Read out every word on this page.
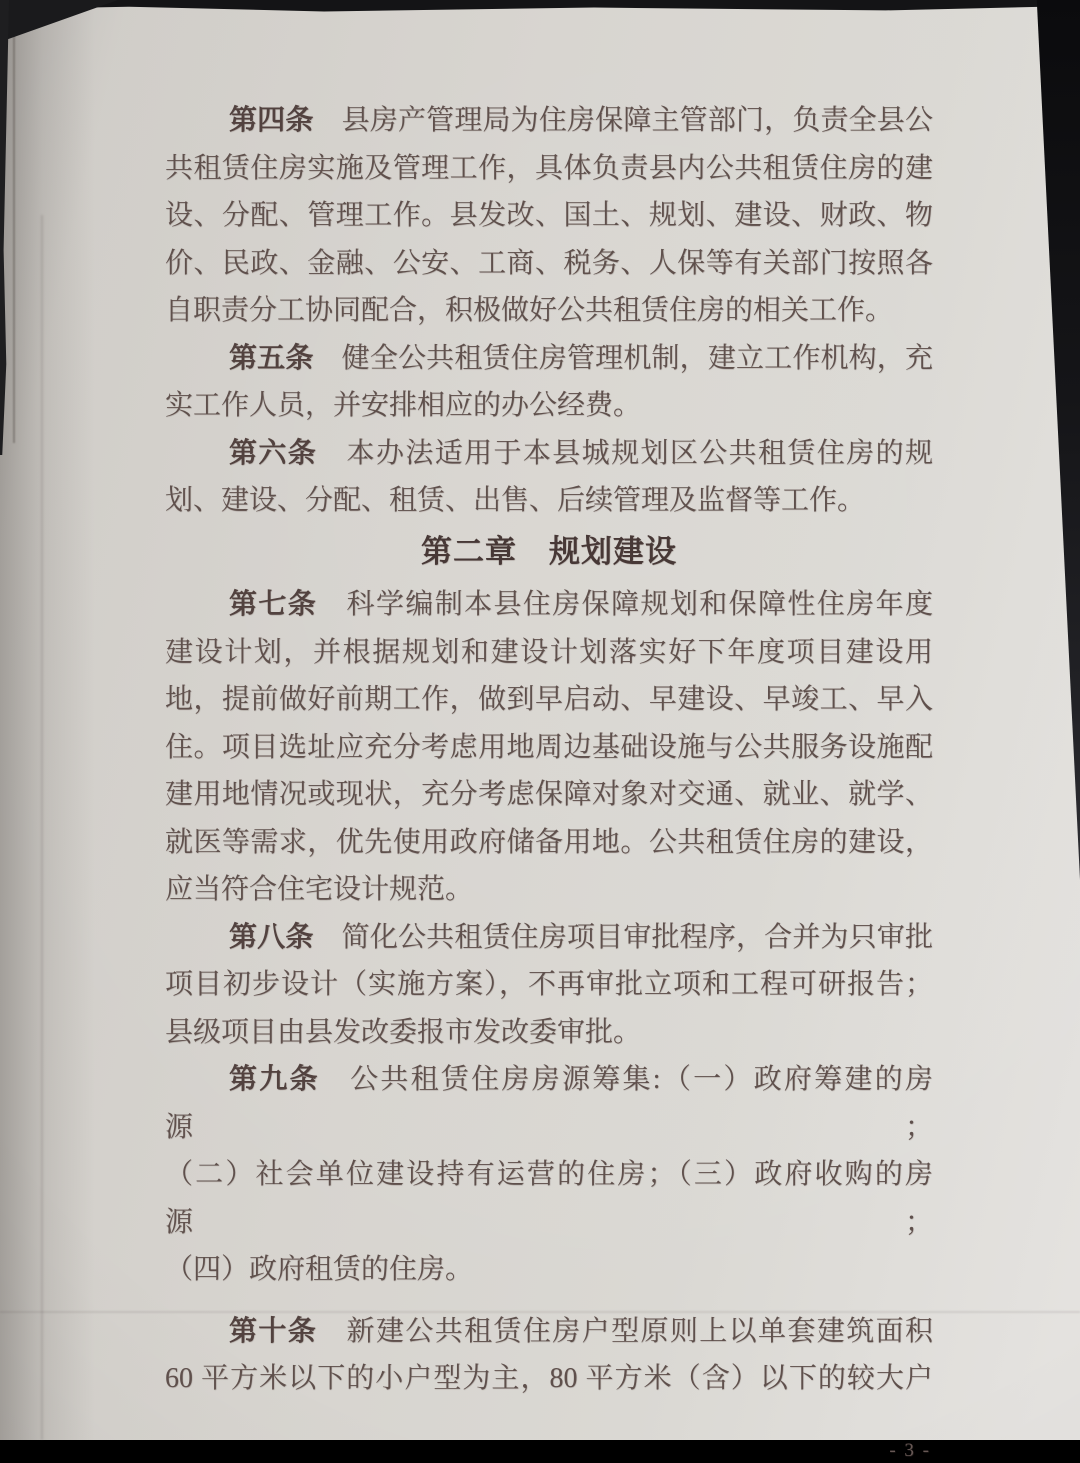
第四条　县房产管理局为住房保障主管部门，负责全县公
共租赁住房实施及管理工作，具体负责县内公共租赁住房的建
设、分配、管理工作。县发改、国土、规划、建设、财政、物
价、民政、金融、公安、工商、税务、人保等有关部门按照各
自职责分工协同配合，积极做好公共租赁住房的相关工作。
第五条　健全公共租赁住房管理机制，建立工作机构，充
实工作人员，并安排相应的办公经费。
第六条　本办法适用于本县城规划区公共租赁住房的规
划、建设、分配、租赁、出售、后续管理及监督等工作。
第二章　规划建设
第七条　科学编制本县住房保障规划和保障性住房年度
建设计划，并根据规划和建设计划落实好下年度项目建设用
地，提前做好前期工作，做到早启动、早建设、早竣工、早入
住。项目选址应充分考虑用地周边基础设施与公共服务设施配
建用地情况或现状，充分考虑保障对象对交通、就业、就学、
就医等需求，优先使用政府储备用地。公共租赁住房的建设，
应当符合住宅设计规范。
第八条　简化公共租赁住房项目审批程序，合并为只审批
项目初步设计（实施方案），不再审批立项和工程可研报告；
县级项目由县发改委报市发改委审批。
第九条　公共租赁住房房源筹集:（一）政府筹建的房源；
（二）社会单位建设持有运营的住房；（三）政府收购的房源；
（四）政府租赁的住房。
第十条　新建公共租赁住房户型原则上以单套建筑面积
60 平方米以下的小户型为主，80 平方米（含）以下的较大户
- 3 -
